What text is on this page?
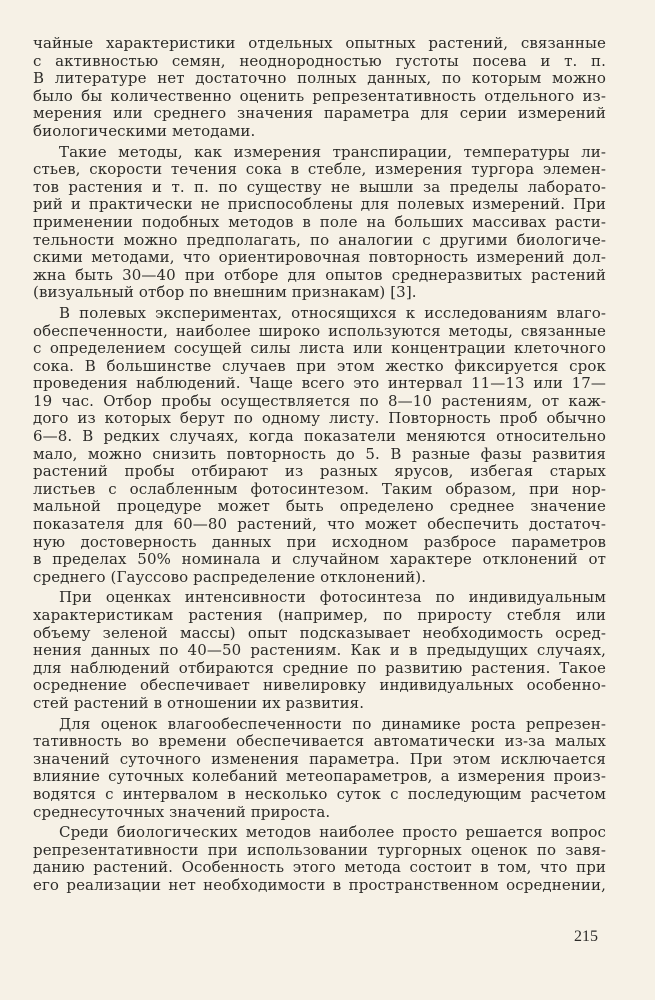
чайные характеристики отдельных опытных растений, связанные
с активностью семян, неоднородностью густоты посева и т. п.
В литературе нет достаточно полных данных, по которым можно
было бы количественно оценить репрезентативность отдельного из-
мерения или среднего значения параметра для серии измерений
биологическими методами.
Такие методы, как измерения транспирации, температуры ли-
стьев, скорости течения сока в стебле, измерения тургора элемен-
тов растения и т. п. по существу не вышли за пределы лаборато-
рий и практически не приспособлены для полевых измерений. При
применении подобных методов в поле на больших массивах расти-
тельности можно предполагать, по аналогии с другими биологиче-
скими методами, что ориентировочная повторность измерений дол-
жна быть 30—40 при отборе для опытов среднеразвитых растений
(визуальный отбор по внешним признакам) [3].
В полевых экспериментах, относящихся к исследованиям влаго-
обеспеченности, наиболее широко используются методы, связанные
с определением сосущей силы листа или концентрации клеточного
сока. В большинстве случаев при этом жестко фиксируется срок
проведения наблюдений. Чаще всего это интервал 11—13 или 17—
19 час. Отбор пробы осуществляется по 8—10 растениям, от каж-
дого из которых берут по одному листу. Повторность проб обычно
6—8. В редких случаях, когда показатели меняются относительно
мало, можно снизить повторность до 5. В разные фазы развития
растений пробы отбирают из разных ярусов, избегая старых
листьев с ослабленным фотосинтезом. Таким образом, при нор-
мальной процедуре может быть определено среднее значение
показателя для 60—80 растений, что может обеспечить достаточ-
ную достоверность данных при исходном разбросе параметров
в пределах 50% номинала и случайном характере отклонений от
среднего (Гауссово распределение отклонений).
При оценках интенсивности фотосинтеза по индивидуальным
характеристикам растения (например, по приросту стебля или
объему зеленой массы) опыт подсказывает необходимость осред-
нения данных по 40—50 растениям. Как и в предыдущих случаях,
для наблюдений отбираются средние по развитию растения. Такое
осреднение обеспечивает нивелировку индивидуальных особенно-
стей растений в отношении их развития.
Для оценок влагообеспеченности по динамике роста репрезен-
тативность во времени обеспечивается автоматически из-за малых
значений суточного изменения параметра. При этом исключается
влияние суточных колебаний метеопараметров, а измерения произ-
водятся с интервалом в несколько суток с последующим расчетом
среднесуточных значений прироста.
Среди биологических методов наиболее просто решается вопрос
репрезентативности при использовании тургорных оценок по завя-
данию растений. Особенность этого метода состоит в том, что при
его реализации нет необходимости в пространственном осреднении,
215
